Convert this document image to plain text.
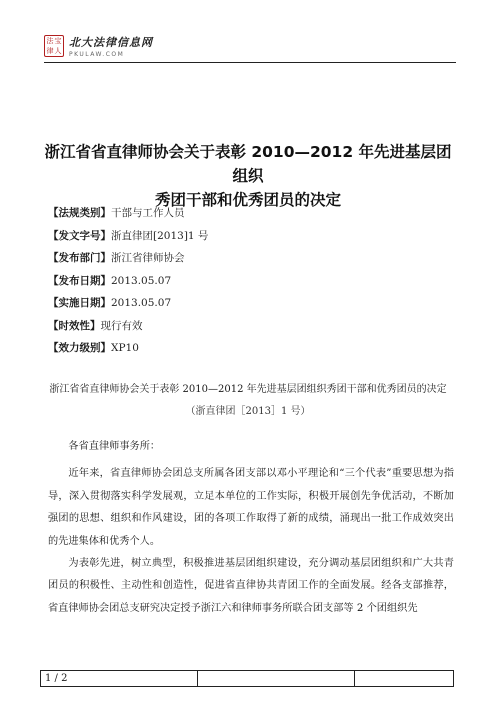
法 宝
律 人
北大法律信息网
PKULAW.COM
浙江省省直律师协会关于表彰 2010—2012 年先进基层团组织
秀团干部和优秀团员的决定
【法规类别】干部与工作人员
【发文字号】浙直律团[2013]1 号
【发布部门】浙江省律师协会
【发布日期】2013.05.07
【实施日期】2013.05.07
【时效性】现行有效
【效力级别】XP10
浙江省省直律师协会关于表彰 2010—2012 年先进基层团组织秀团干部和优秀团员的决定
（浙直律团［2013］1 号）

各省直律师事务所：

近年来，省直律师协会团总支所属各团支部以邓小平理论和“三个代表”重要思想为指导，深入贯彻落实科学发展观，立足本单位的工作实际，积极开展创先争优活动，不断加强团的思想、组织和作风建设，团的各项工作取得了新的成绩，涌现出一批工作成效突出的先进集体和优秀个人。

为表彰先进，树立典型，积极推进基层团组织建设，充分调动基层团组织和广大共青团员的积极性、主动性和创造性，促进省直律协共青团工作的全面发展。经各支部推荐，省直律师协会团总支研究决定授予浙江六和律师事务所联合团支部等 2 个团组织先

1 / 2
